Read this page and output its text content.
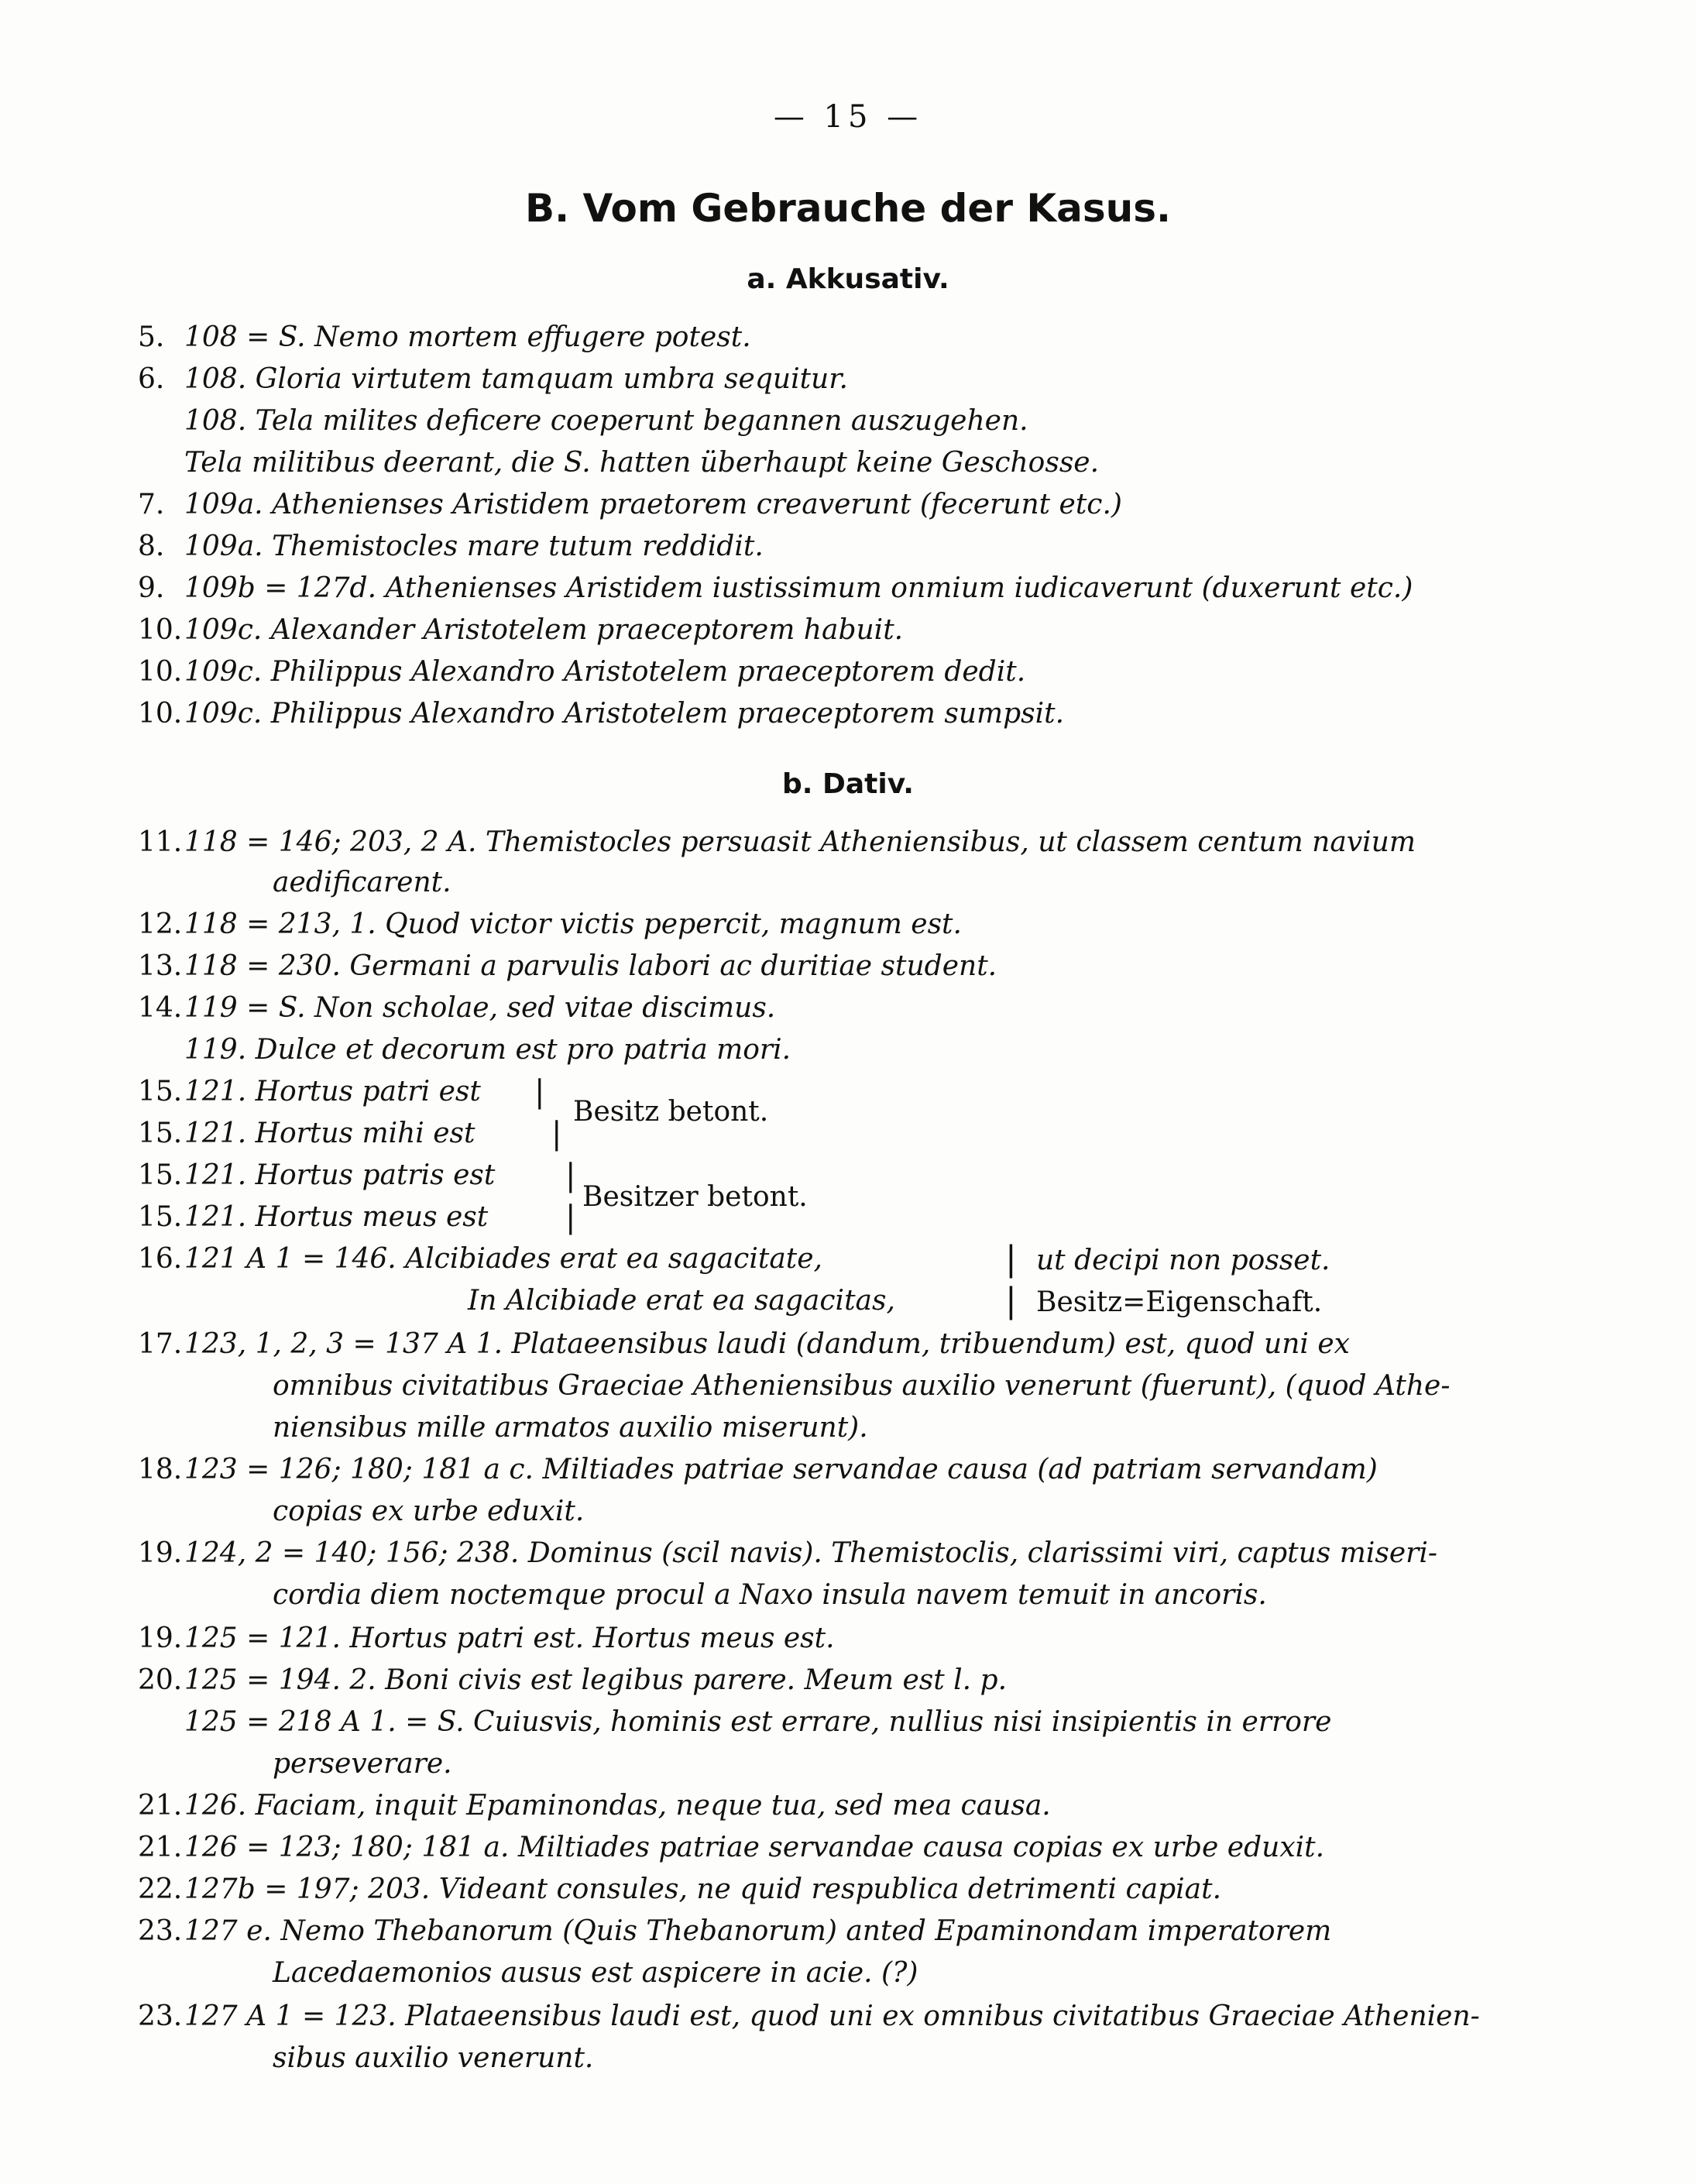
— 15 —
B. Vom Gebrauche der Kasus.
a. Akkusativ.
5. 108 = S. Nemo mortem effugere potest.
6. 108. Gloria virtutem tamquam umbra sequitur.
108. Tela milites deficere coeperunt begannen auszugehen.
Tela militibus deerant, die S. hatten überhaupt keine Geschosse.
7. 109a. Athenienses Aristidem praetorem creaverunt (fecerunt etc.)
8. 109a. Themistocles mare tutum reddidit.
9. 109b = 127d. Athenienses Aristidem iustissimum onmium iudicaverunt (duxerunt etc.)
10.109c. Alexander Aristotelem praeceptorem habuit.
10.109c. Philippus Alexandro Aristotelem praeceptorem dedit.
10.109c. Philippus Alexandro Aristotelem praeceptorem sumpsit.
b. Dativ.
11.118 = 146; 203, 2 A. Themistocles persuasit Atheniensibus, ut classem centum navium
aedificarent.
12.118 = 213, 1. Quod victor victis pepercit, magnum est.
13.118 = 230. Germani a parvulis labori ac duritiae student.
14.119 = S. Non scholae, sed vitae discimus.
119. Dulce et decorum est pro patria mori.
15.121. Hortus patri est
15.121. Hortus mihi est
|
|
Besitz betont.
15.121. Hortus patris est
15.121. Hortus meus est
|
|
Besitzer betont.
16.121 A 1 = 146. Alcibiades erat ea sagacitate,
In Alcibiade erat ea sagacitas,
|
|
ut decipi non posset.
Besitz=Eigenschaft.
17.123, 1, 2, 3 = 137 A 1. Plataeensibus laudi (dandum, tribuendum) est, quod uni ex
omnibus civitatibus Graeciae Atheniensibus auxilio venerunt (fuerunt), (quod Athe-
niensibus mille armatos auxilio miserunt).
18.123 = 126; 180; 181 a c. Miltiades patriae servandae causa (ad patriam servandam)
copias ex urbe eduxit.
19.124, 2 = 140; 156; 238. Dominus (scil navis). Themistoclis, clarissimi viri, captus miseri-
cordia diem noctemque procul a Naxo insula navem temuit in ancoris.
19.125 = 121. Hortus patri est. Hortus meus est.
20.125 = 194. 2. Boni civis est legibus parere. Meum est l. p.
125 = 218 A 1. = S. Cuiusvis, hominis est errare, nullius nisi insipientis in errore
perseverare.
21.126. Faciam, inquit Epaminondas, neque tua, sed mea causa.
21.126 = 123; 180; 181 a. Miltiades patriae servandae causa copias ex urbe eduxit.
22.127b = 197; 203. Videant consules, ne quid respublica detrimenti capiat.
23.127 e. Nemo Thebanorum (Quis Thebanorum) anted Epaminondam imperatorem
Lacedaemonios ausus est aspicere in acie. (?)
23.127 A 1 = 123. Plataeensibus laudi est, quod uni ex omnibus civitatibus Graeciae Athenien-
sibus auxilio venerunt.
